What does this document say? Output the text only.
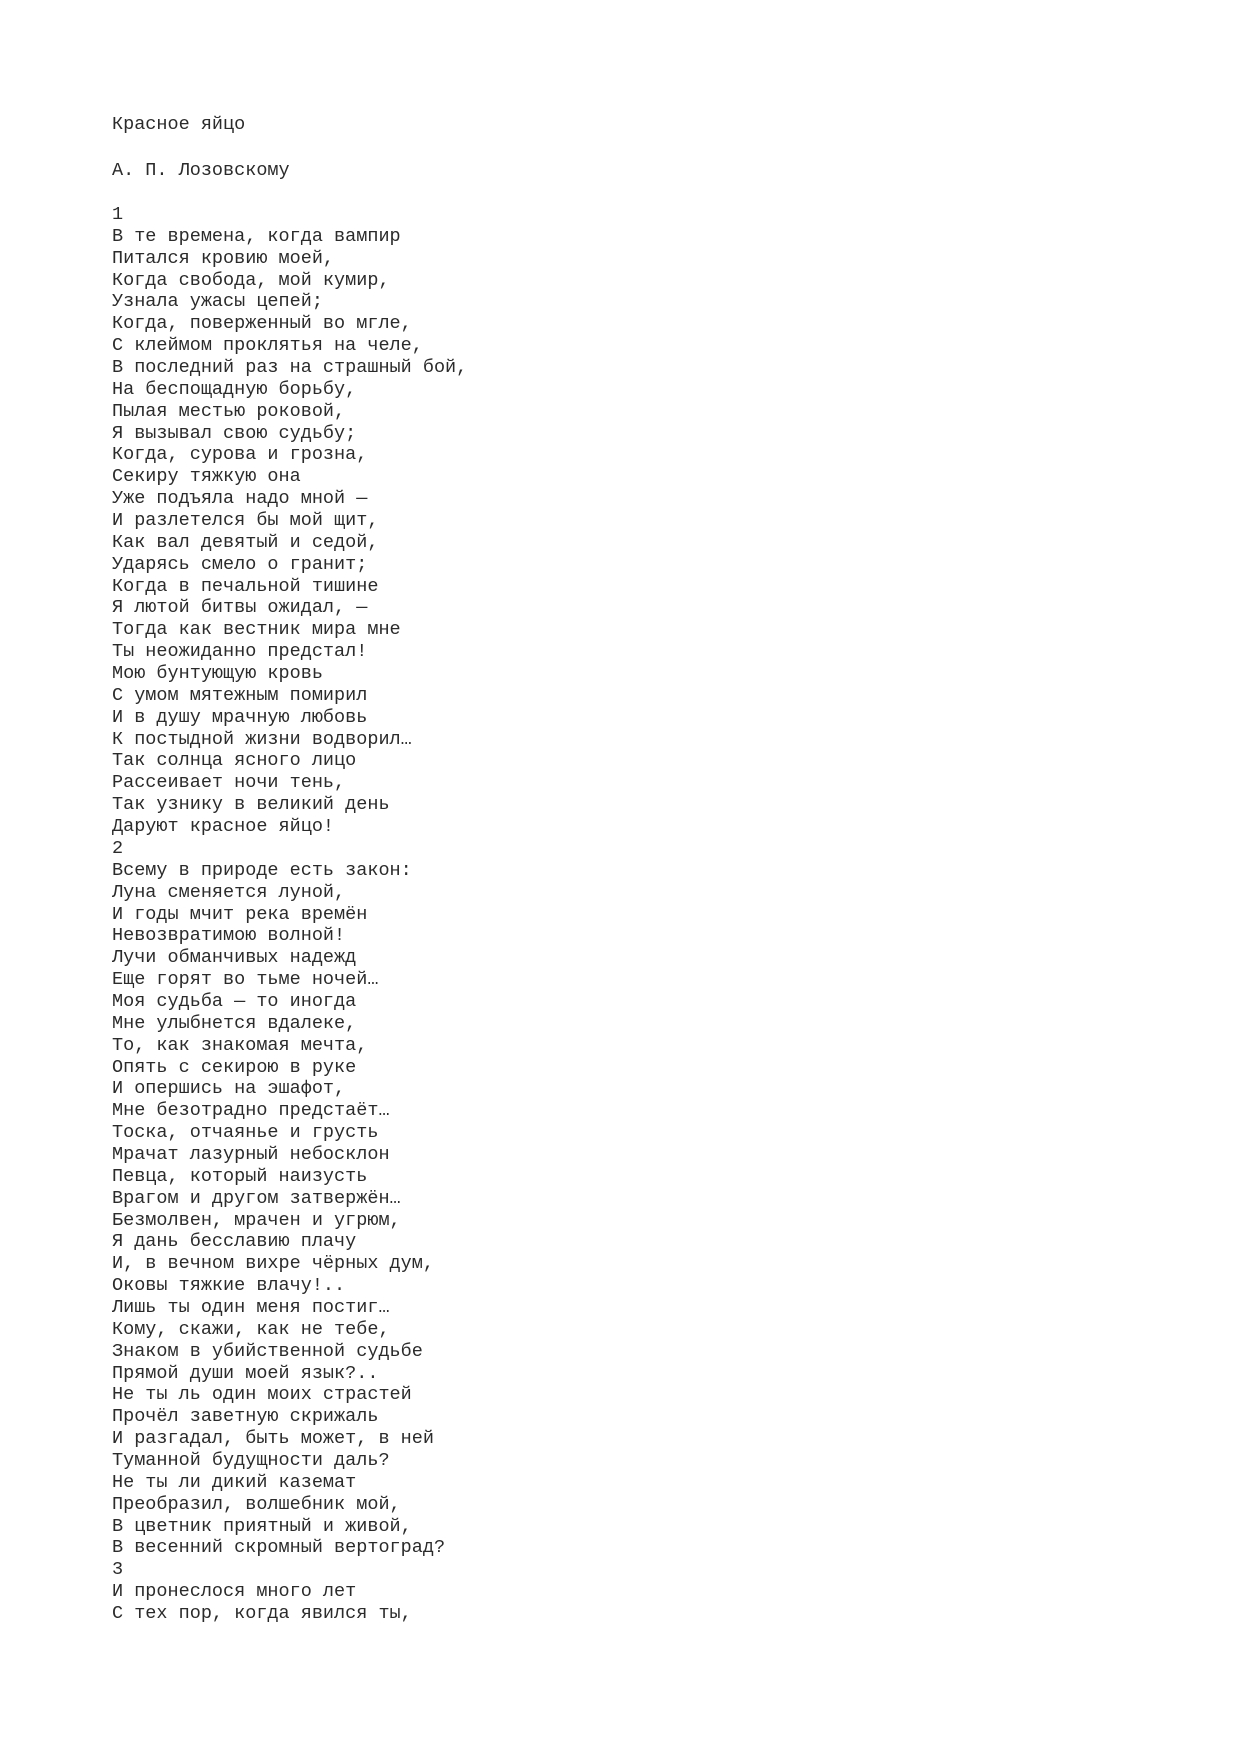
Красное яйцо

А. П. Лозовскому

1
В те времена, когда вампир
Питался кровию моей,
Когда свобода, мой кумир,
Узнала ужасы цепей;
Когда, поверженный во мгле,
С клеймом проклятья на челе,
В последний раз на страшный бой,
На беспощадную борьбу,
Пылая местью роковой,
Я вызывал свою судьбу;
Когда, сурова и грозна,
Секиру тяжкую она
Уже подъяла надо мной —
И разлетелся бы мой щит,
Как вал девятый и седой,
Ударясь смело о гранит;
Когда в печальной тишине
Я лютой битвы ожидал, —
Тогда как вестник мира мне
Ты неожиданно предстал!
Мою бунтующую кровь
С умом мятежным помирил
И в душу мрачную любовь
К постыдной жизни водворил…
Так солнца ясного лицо
Рассеивает ночи тень,
Так узнику в великий день
Даруют красное яйцо!
2
Всему в природе есть закон:
Луна сменяется луной,
И годы мчит река времён
Невозвратимою волной!
Лучи обманчивых надежд
Еще горят во тьме ночей…
Моя судьба — то иногда
Мне улыбнется вдалеке,
То, как знакомая мечта,
Опять с секирою в руке
И опершись на эшафот,
Мне безотрадно предстаёт…
Тоска, отчаянье и грусть
Мрачат лазурный небосклон
Певца, который наизусть
Врагом и другом затвержён…
Безмолвен, мрачен и угрюм,
Я дань бесславию плачу
И, в вечном вихре чёрных дум,
Оковы тяжкие влачу!..
Лишь ты один меня постиг…
Кому, скажи, как не тебе,
Знаком в убийственной судьбе
Прямой души моей язык?..
Не ты ль один моих страстей
Прочёл заветную скрижаль
И разгадал, быть может, в ней
Туманной будущности даль?
Не ты ли дикий каземат
Преобразил, волшебник мой,
В цветник приятный и живой,
В весенний скромный вертоград?
3
И пронеслося много лет
С тех пор, когда явился ты,
